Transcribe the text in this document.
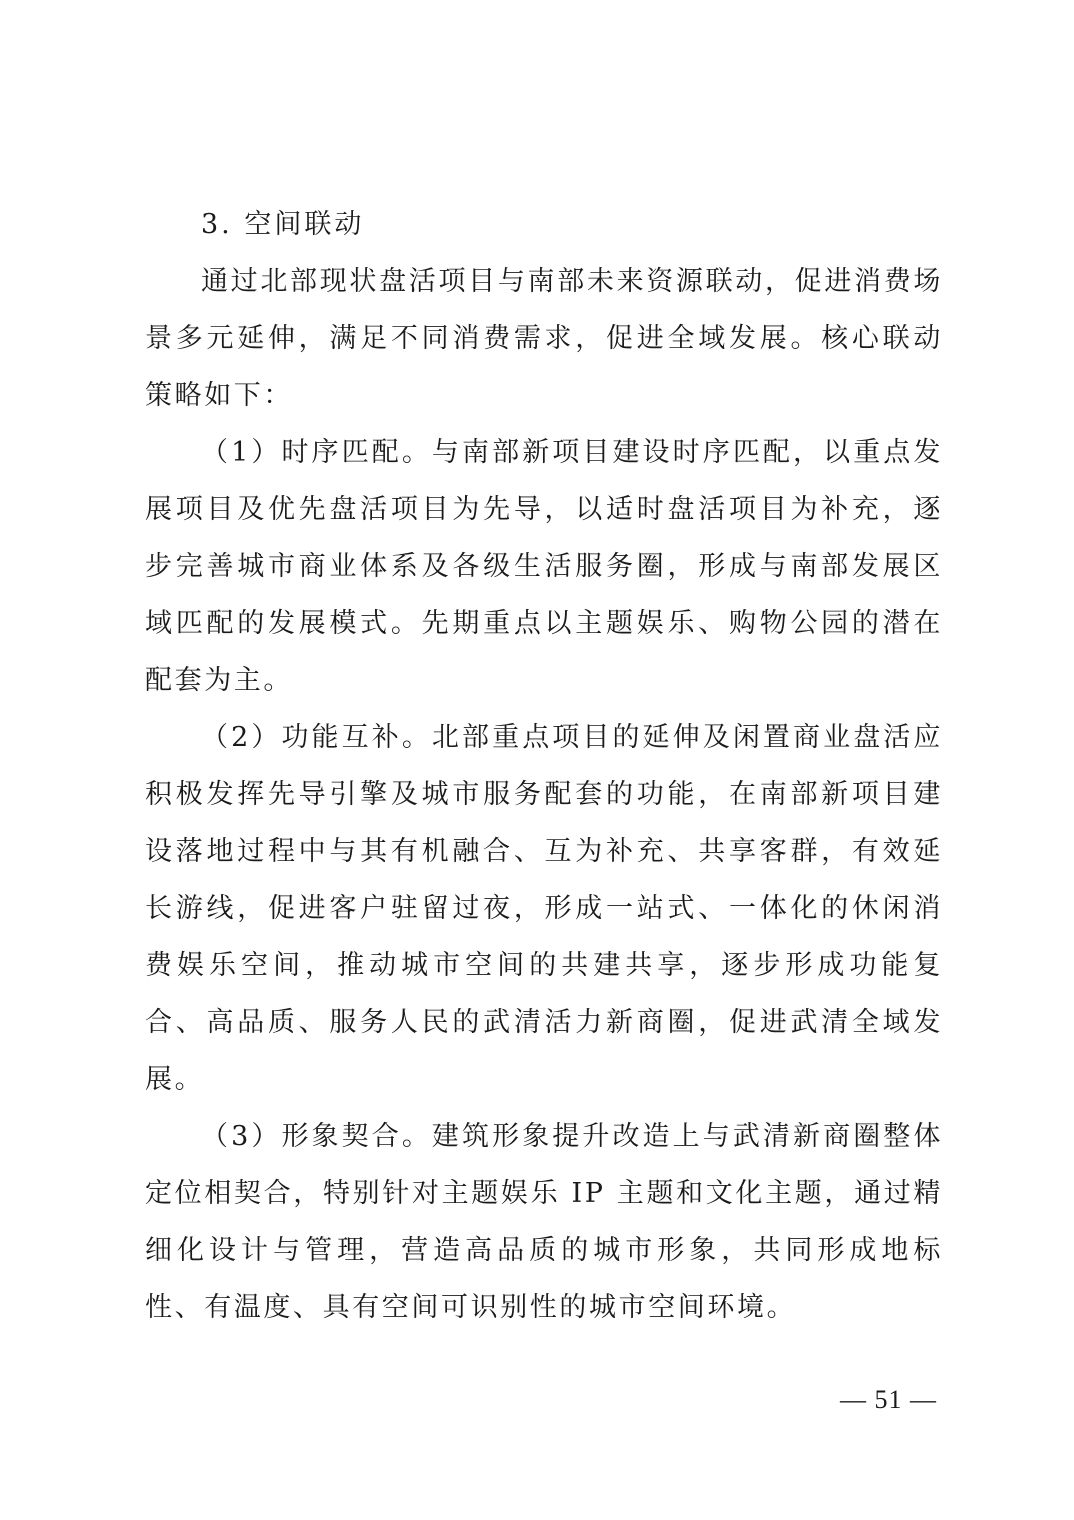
3. 空间联动

通过北部现状盘活项目与南部未来资源联动，促进消费场景多元延伸，满足不同消费需求，促进全域发展。核心联动策略如下：

（1）时序匹配。与南部新项目建设时序匹配，以重点发展项目及优先盘活项目为先导，以适时盘活项目为补充，逐步完善城市商业体系及各级生活服务圈，形成与南部发展区域匹配的发展模式。先期重点以主题娱乐、购物公园的潜在配套为主。

（2）功能互补。北部重点项目的延伸及闲置商业盘活应积极发挥先导引擎及城市服务配套的功能，在南部新项目建设落地过程中与其有机融合、互为补充、共享客群，有效延长游线，促进客户驻留过夜，形成一站式、一体化的休闲消费娱乐空间，推动城市空间的共建共享，逐步形成功能复合、高品质、服务人民的武清活力新商圈，促进武清全域发展。

（3）形象契合。建筑形象提升改造上与武清新商圈整体定位相契合，特别针对主题娱乐 IP 主题和文化主题，通过精细化设计与管理，营造高品质的城市形象，共同形成地标性、有温度、具有空间可识别性的城市空间环境。

— 51 —
